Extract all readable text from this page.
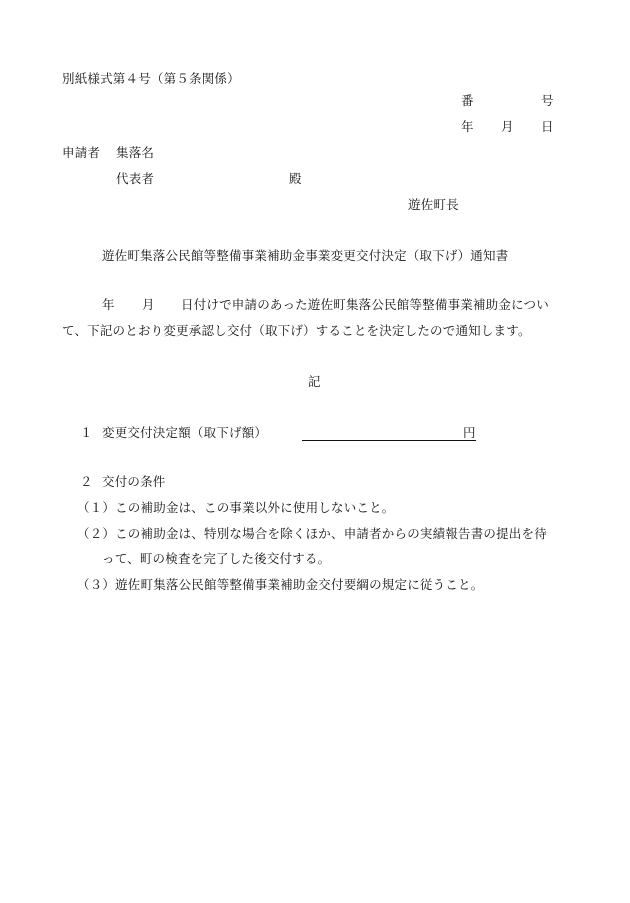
別紙様式第４号（第５条関係）
番	号
年 月 日
申請者 集落名
代表者	殿
遊佐町長
遊佐町集落公民館等整備事業補助金事業変更交付決定（取下げ）通知書
年 月 日付けで申請のあった遊佐町集落公民館等整備事業補助金につい
て、下記のとおり変更承認し交付（取下げ）することを決定したので通知します。
記
１ 変更交付決定額（取下げ額）	円
２ 交付の条件
（１）この補助金は、この事業以外に使用しないこと。
（２）この補助金は、特別な場合を除くほか、申請者からの実績報告書の提出を待
って、町の検査を完了した後交付する。
（３）遊佐町集落公民館等整備事業補助金交付要綱の規定に従うこと。
